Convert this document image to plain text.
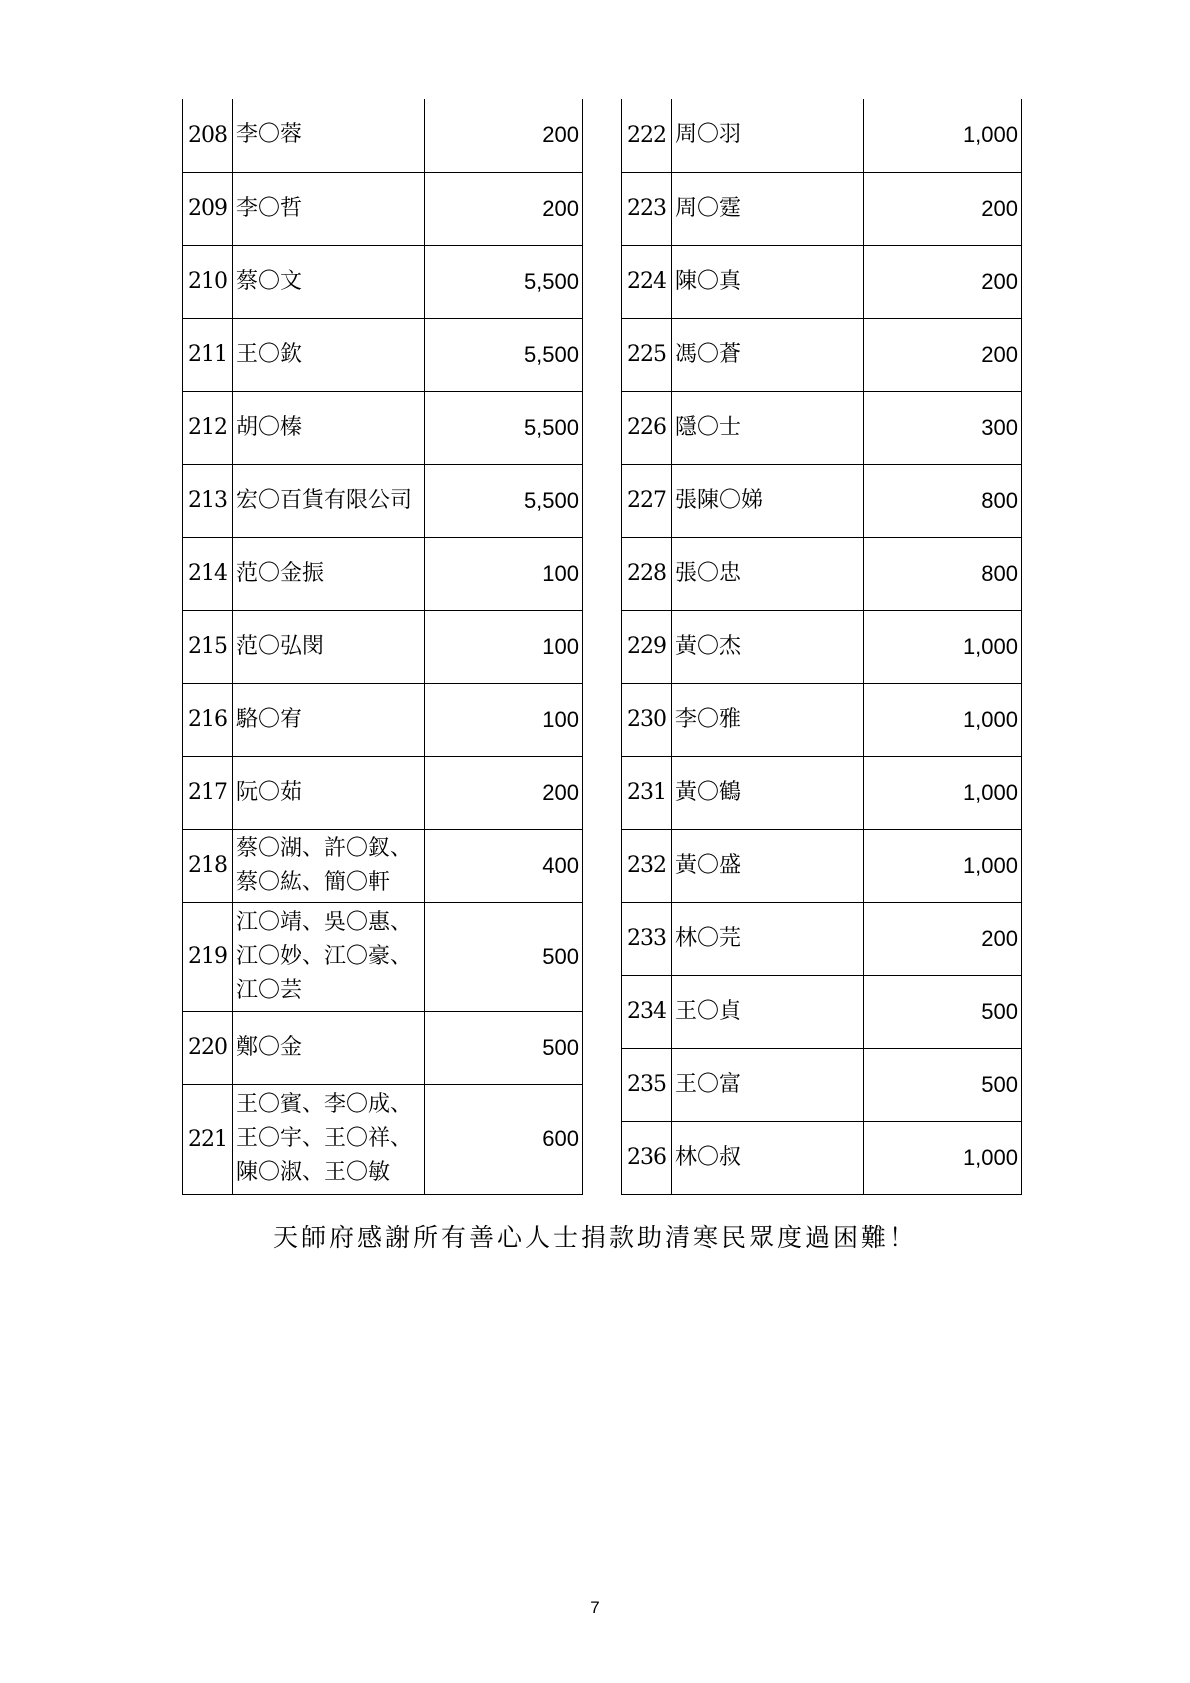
208	李〇蓉	200
209	李〇哲	200
210	蔡〇文	5,500
211	王〇欽	5,500
212	胡〇榛	5,500
213	宏〇百貨有限公司	5,500
214	范〇金振	100
215	范〇弘閔	100
216	駱〇宥	100
217	阮〇茹	200
218	蔡〇湖、許〇釵、蔡〇紘、簡〇軒	400
219	江〇靖、吳〇惠、江〇妙、江〇豪、江〇芸	500
220	鄭〇金	500
221	王〇賓、李〇成、王〇宇、王〇祥、陳〇淑、王〇敏	600
222	周〇羽	1,000
223	周〇霆	200
224	陳〇真	200
225	馮〇蒼	200
226	隱〇士	300
227	張陳〇娣	800
228	張〇忠	800
229	黃〇杰	1,000
230	李〇雅	1,000
231	黃〇鶴	1,000
232	黃〇盛	1,000
233	林〇芫	200
234	王〇貞	500
235	王〇富	500
236	林〇叔	1,000
天師府感謝所有善心人士捐款助清寒民眾度過困難！
7
